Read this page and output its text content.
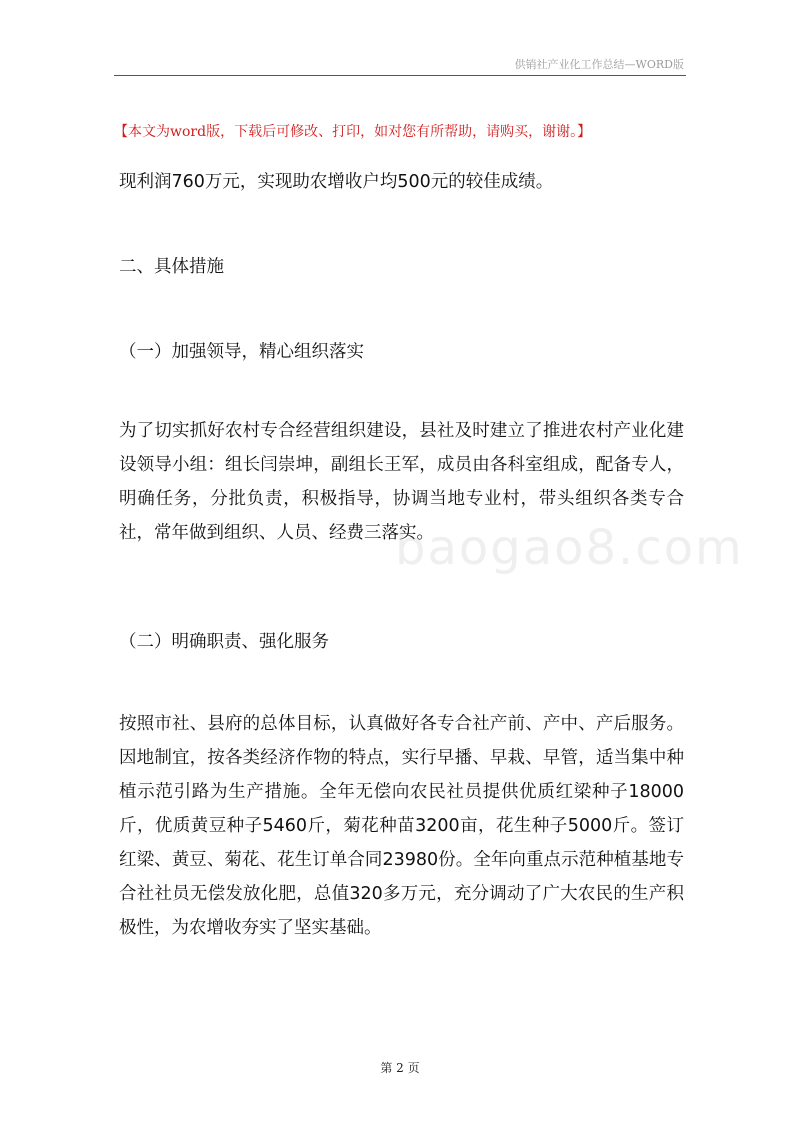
供销社产业化工作总结—WORD版
【本文为word版，下载后可修改、打印，如对您有所帮助，请购买，谢谢。】
现利润760万元，实现助农增收户均500元的较佳成绩。
二、具体措施
（一）加强领导，精心组织落实
为了切实抓好农村专合经营组织建设，县社及时建立了推进农村产业化建设领导小组：组长闫崇坤，副组长王军，成员由各科室组成，配备专人，明确任务，分批负责，积极指导，协调当地专业村，带头组织各类专合社，常年做到组织、人员、经费三落实。
（二）明确职责、强化服务
按照市社、县府的总体目标，认真做好各专合社产前、产中、产后服务。因地制宜，按各类经济作物的特点，实行早播、早栽、早管，适当集中种植示范引路为生产措施。全年无偿向农民社员提供优质红梁种子18000斤，优质黄豆种子5460斤，菊花种苗3200亩，花生种子5000斤。签订红梁、黄豆、菊花、花生订单合同23980份。全年向重点示范种植基地专合社社员无偿发放化肥，总值320多万元，充分调动了广大农民的生产积极性，为农增收夯实了坚实基础。
baogao8.com
第 2 页
